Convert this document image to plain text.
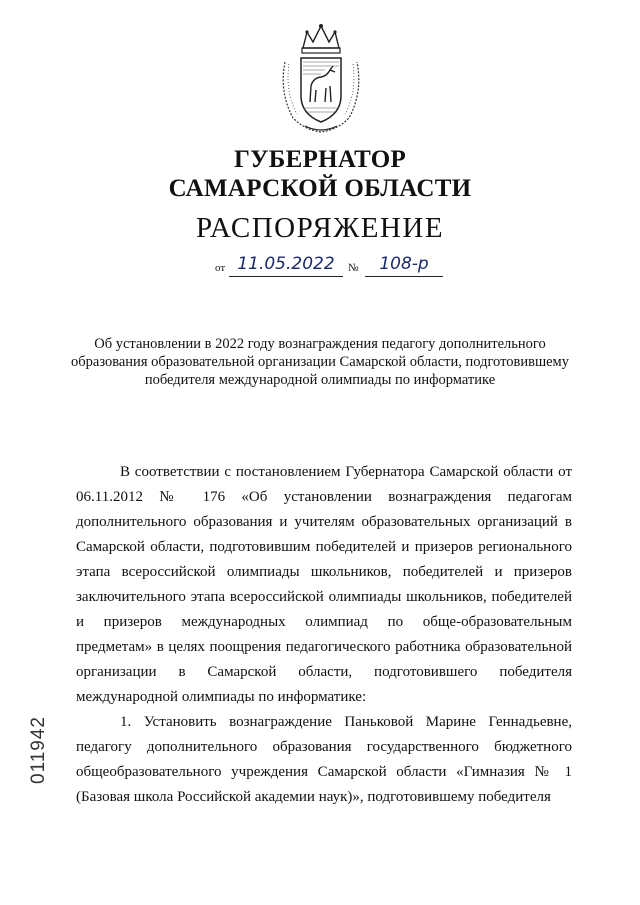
ГУБЕРНАТОР
САМАРСКОЙ ОБЛАСТИ
РАСПОРЯЖЕНИЕ
от 11.05.2022	№	108-р
Об установлении в 2022 году вознаграждения педагогу дополнительного образования образовательной организации Самарской области, подготовившему победителя международной олимпиады по информатике

В соответствии с постановлением Губернатора Самарской области от 06.11.2012 № 176 «Об установлении вознаграждения педагогам дополнительного образования и учителям образовательных организаций в Самарской области, подготовившим победителей и призеров регионального этапа всероссийской олимпиады школьников, победителей и призеров заключительного этапа всероссийской олимпиады школьников, победителей и призеров международных олимпиад по обще-образовательным предметам» в целях поощрения педагогического работника образовательной организации в Самарской области, подготовившего победителя международной олимпиады по информатике:

1. Установить вознаграждение Паньковой Марине Геннадьевне, педагогу дополнительного образования государственного бюджетного общеобразовательного учреждения Самарской области «Гимназия № 1 (Базовая школа Российской академии наук)», подготовившему победителя

011942
